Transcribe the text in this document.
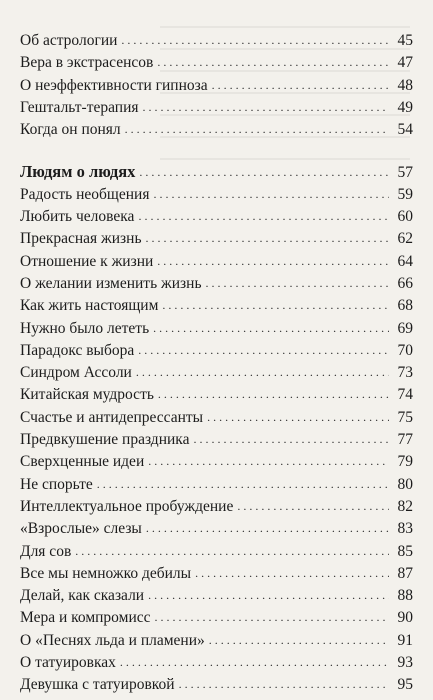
Об астрологии . . .	45
Вера в экстрасенсов . . .	47
О неэффективности гипноза . . .	48
Гештальт-терапия . . .	49
Когда он понял . . .	54
Людям о людях . . .	57
Радость необщения . . .	59
Любить человека . . .	60
Прекрасная жизнь . . .	62
Отношение к жизни . . .	64
О желании изменить жизнь . . .	66
Как жить настоящим . . .	68
Нужно было лететь . . .	69
Парадокс выбора . . .	70
Синдром Ассоли . . .	73
Китайская мудрость . . .	74
Счастье и антидепрессанты . . .	75
Предвкушение праздника . . .	77
Сверхценные идеи . . .	79
Не спорьте . . .	80
Интеллектуальное пробуждение . . .	82
«Взрослые» слезы . . .	83
Для сов . . .	85
Все мы немножко дебилы . . .	87
Делай, как сказали . . .	88
Мера и компромисс . . .	90
О «Песнях льда и пламени» . . .	91
О татуировках . . .	93
Девушка с татуировкой . . .	95
